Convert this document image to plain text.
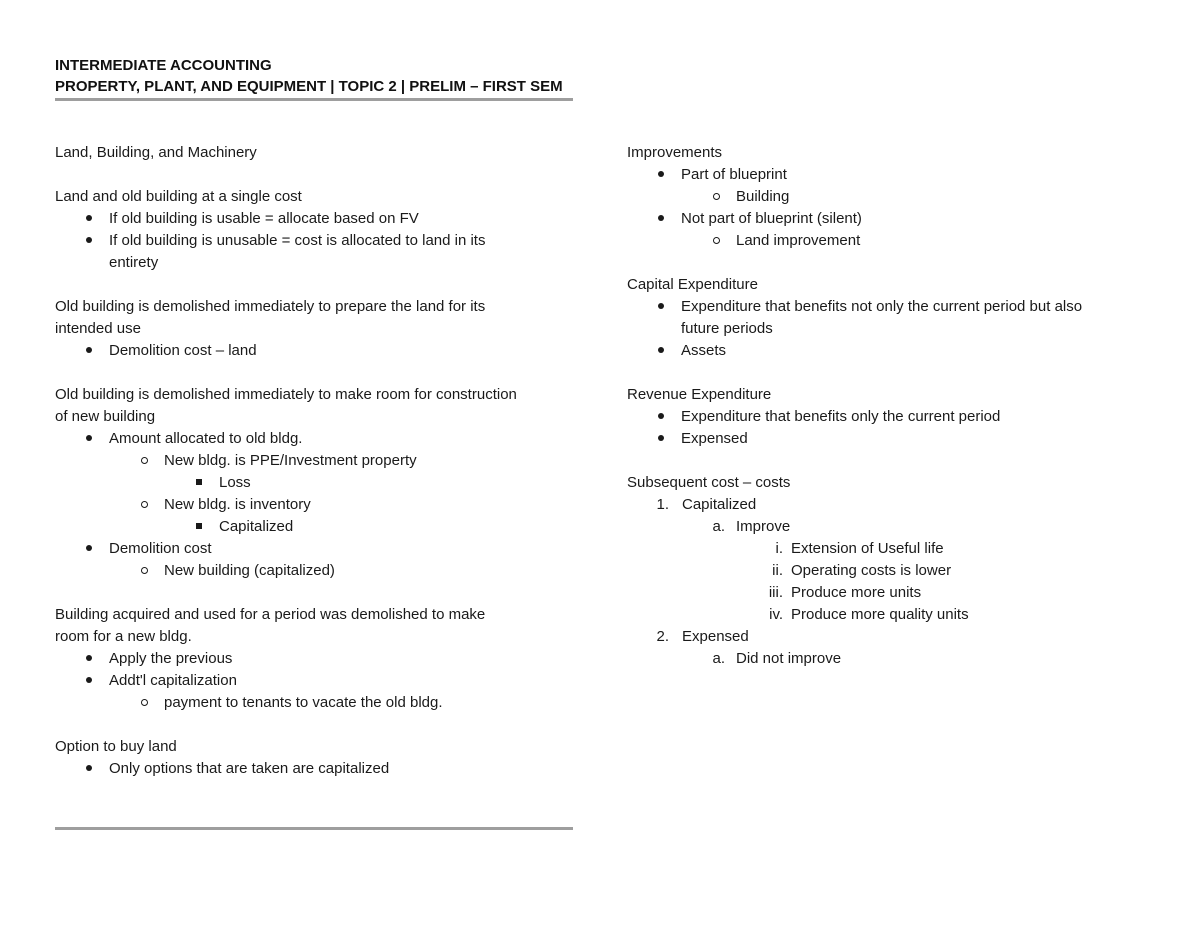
INTERMEDIATE ACCOUNTING
PROPERTY, PLANT, AND EQUIPMENT | TOPIC 2 | PRELIM – FIRST SEM
Land, Building, and Machinery
Land and old building at a single cost
If old building is usable = allocate based on FV
If old building is unusable = cost is allocated to land in its
entirety
Old building is demolished immediately to prepare the land for its
intended use
Demolition cost – land
Old building is demolished immediately to make room for construction
of new building
Amount allocated to old bldg.
New bldg. is PPE/Investment property
Loss
New bldg. is inventory
Capitalized
Demolition cost
New building (capitalized)
Building acquired and used for a period was demolished to make
room for a new bldg.
Apply the previous
Addt'l capitalization
payment to tenants to vacate the old bldg.
Option to buy land
Only options that are taken are capitalized
Improvements
Part of blueprint
Building
Not part of blueprint (silent)
Land improvement
Capital Expenditure
Expenditure that benefits not only the current period but also
future periods
Assets
Revenue Expenditure
Expenditure that benefits only the current period
Expensed
Subsequent cost – costs
1. Capitalized
a. Improve
i. Extension of Useful life
ii. Operating costs is lower
iii. Produce more units
iv. Produce more quality units
2. Expensed
a. Did not improve
